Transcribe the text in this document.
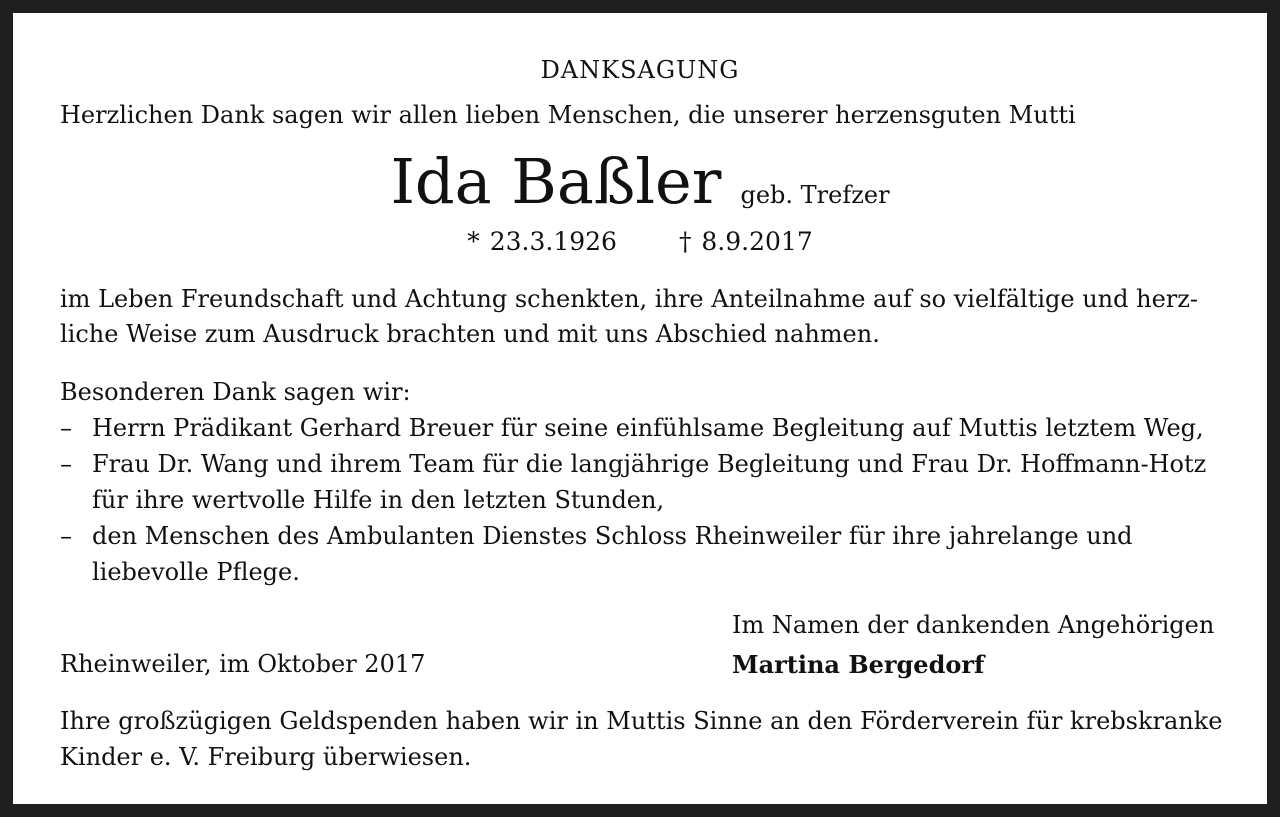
DANKSAGUNG
Herzlichen Dank sagen wir allen lieben Menschen, die unserer herzensguten Mutti
Ida Baßler geb. Trefzer
* 23.3.1926 † 8.9.2017
im Leben Freundschaft und Achtung schenkten, ihre Anteilnahme auf so vielfältige und herz-
liche Weise zum Ausdruck brachten und mit uns Abschied nahmen.
Besonderen Dank sagen wir:
– Herrn Prädikant Gerhard Breuer für seine einfühlsame Begleitung auf Muttis letztem Weg,
– Frau Dr. Wang und ihrem Team für die langjährige Begleitung und Frau Dr. Hoffmann-Hotz für ihre wertvolle Hilfe in den letzten Stunden,
– den Menschen des Ambulanten Dienstes Schloss Rheinweiler für ihre jahrelange und liebevolle Pflege.
Im Namen der dankenden Angehörigen
Rheinweiler, im Oktober 2017	Martina Bergedorf
Ihre großzügigen Geldspenden haben wir in Muttis Sinne an den Förderverein für krebskranke
Kinder e. V. Freiburg überwiesen.
